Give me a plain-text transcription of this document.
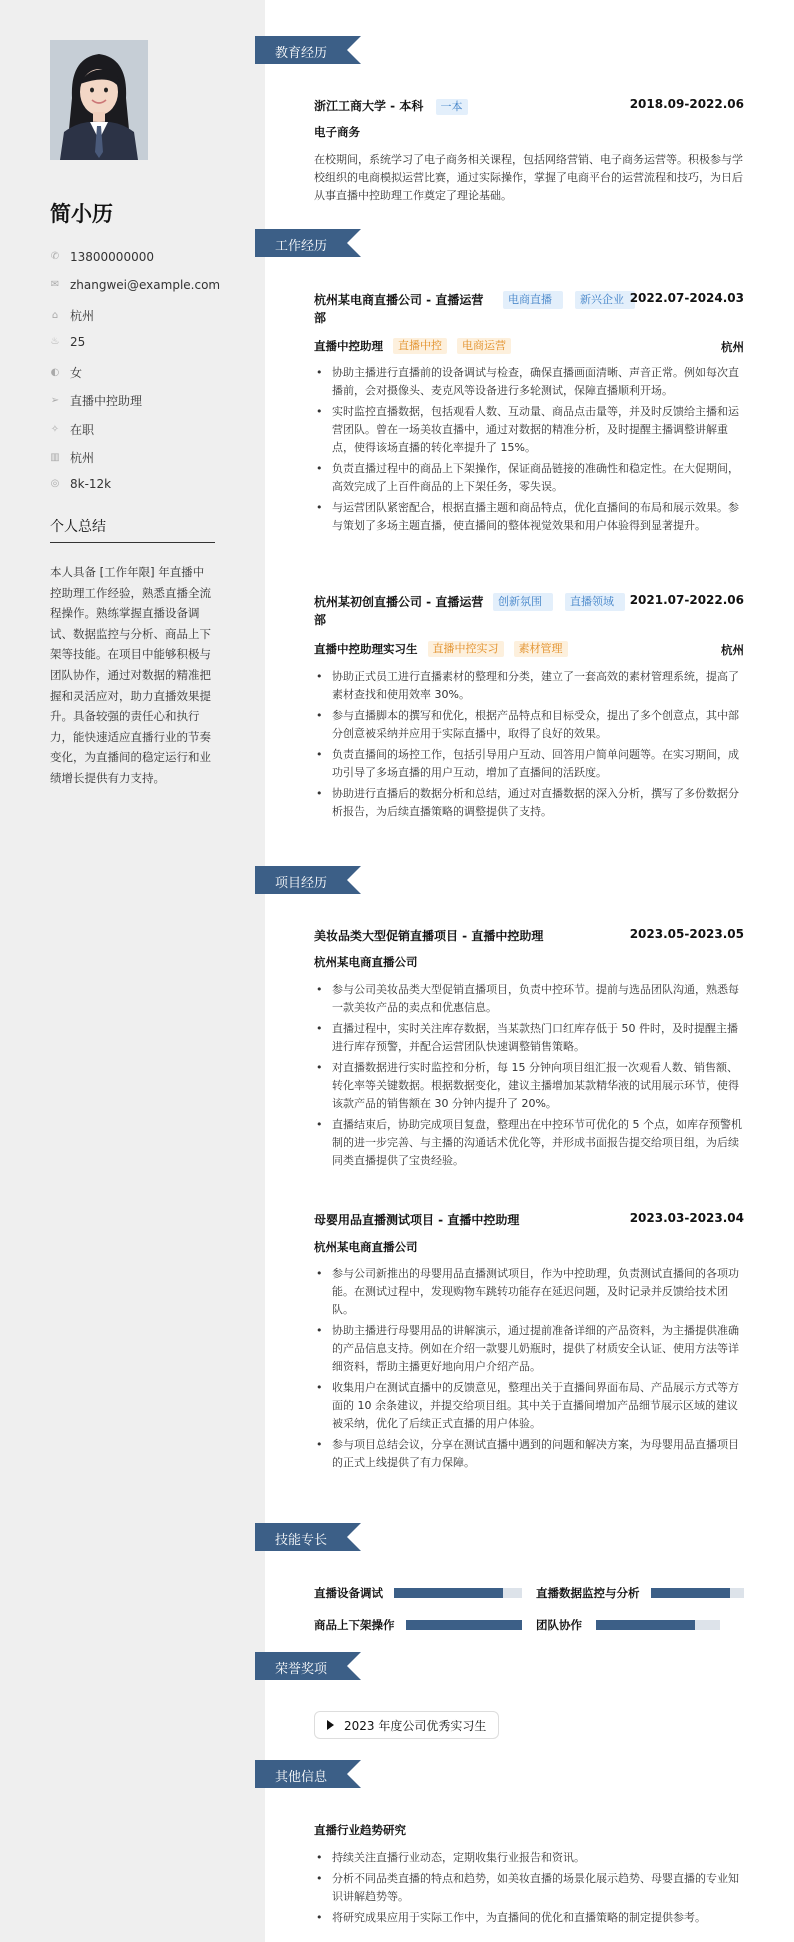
简小历
✆ 13800000000
✉ zhangwei@example.com
⌂ 杭州
♨ 25
◐ 女
➢ 直播中控助理
✧ 在职
▥ 杭州
◎ 8k-12k
个人总结
本人具备 [工作年限] 年直播中控助理工作经验，熟悉直播全流程操作。熟练掌握直播设备调试、数据监控与分析、商品上下架等技能。在项目中能够积极与团队协作，通过对数据的精准把握和灵活应对，助力直播效果提升。具备较强的责任心和执行力，能快速适应直播行业的节奏变化，为直播间的稳定运行和业绩增长提供有力支持。
教育经历
浙江工商大学 - 本科 一本	2018.09-2022.06
电子商务
在校期间，系统学习了电子商务相关课程，包括网络营销、电子商务运营等。积极参与学校组织的电商模拟运营比赛，通过实际操作，掌握了电商平台的运营流程和技巧，为日后从事直播中控助理工作奠定了理论基础。
工作经历
杭州某电商直播公司 - 直播运营部
电商直播	新兴企业 2022.07-2024.03
直播中控助理	直播中控	电商运营	杭州
• 协助主播进行直播前的设备调试与检查，确保直播画面清晰、声音正常。例如每次直播前，会对摄像头、麦克风等设备进行多轮测试，保障直播顺利开场。
• 实时监控直播数据，包括观看人数、互动量、商品点击量等，并及时反馈给主播和运营团队。曾在一场美妆直播中，通过对数据的精准分析，及时提醒主播调整讲解重点，使得该场直播的转化率提升了 15%。
• 负责直播过程中的商品上下架操作，保证商品链接的准确性和稳定性。在大促期间，高效完成了上百件商品的上下架任务，零失误。
• 与运营团队紧密配合，根据直播主题和商品特点，优化直播间的布局和展示效果。参与策划了多场主题直播，使直播间的整体视觉效果和用户体验得到显著提升。
杭州某初创直播公司 - 直播运营部
创新氛围	直播领域	2021.07-2022.06
直播中控助理实习生	直播中控实习	素材管理	杭州
• 协助正式员工进行直播素材的整理和分类，建立了一套高效的素材管理系统，提高了素材查找和使用效率 30%。
• 参与直播脚本的撰写和优化，根据产品特点和目标受众，提出了多个创意点，其中部分创意被采纳并应用于实际直播中，取得了良好的效果。
• 负责直播间的场控工作，包括引导用户互动、回答用户简单问题等。在实习期间，成功引导了多场直播的用户互动，增加了直播间的活跃度。
• 协助进行直播后的数据分析和总结，通过对直播数据的深入分析，撰写了多份数据分析报告，为后续直播策略的调整提供了支持。
项目经历
美妆品类大型促销直播项目 - 直播中控助理	2023.05-2023.05
杭州某电商直播公司
• 参与公司美妆品类大型促销直播项目，负责中控环节。提前与选品团队沟通，熟悉每一款美妆产品的卖点和优惠信息。
• 直播过程中，实时关注库存数据，当某款热门口红库存低于 50 件时，及时提醒主播进行库存预警，并配合运营团队快速调整销售策略。
• 对直播数据进行实时监控和分析，每 15 分钟向项目组汇报一次观看人数、销售额、转化率等关键数据。根据数据变化，建议主播增加某款精华液的试用展示环节，使得该款产品的销售额在 30 分钟内提升了 20%。
• 直播结束后，协助完成项目复盘，整理出在中控环节可优化的 5 个点，如库存预警机制的进一步完善、与主播的沟通话术优化等，并形成书面报告提交给项目组，为后续同类直播提供了宝贵经验。
母婴用品直播测试项目 - 直播中控助理	2023.03-2023.04
杭州某电商直播公司
• 参与公司新推出的母婴用品直播测试项目，作为中控助理，负责测试直播间的各项功能。在测试过程中，发现购物车跳转功能存在延迟问题，及时记录并反馈给技术团队。
• 协助主播进行母婴用品的讲解演示，通过提前准备详细的产品资料，为主播提供准确的产品信息支持。例如在介绍一款婴儿奶瓶时，提供了材质安全认证、使用方法等详细资料，帮助主播更好地向用户介绍产品。
• 收集用户在测试直播中的反馈意见，整理出关于直播间界面布局、产品展示方式等方面的 10 余条建议，并提交给项目组。其中关于直播间增加产品细节展示区域的建议被采纳，优化了后续正式直播的用户体验。
• 参与项目总结会议，分享在测试直播中遇到的问题和解决方案，为母婴用品直播项目的正式上线提供了有力保障。
技能专长
直播设备调试	直播数据监控与分析
商品上下架操作	团队协作
荣誉奖项
2023 年度公司优秀实习生
其他信息
直播行业趋势研究
• 持续关注直播行业动态，定期收集行业报告和资讯。
• 分析不同品类直播的特点和趋势，如美妆直播的场景化展示趋势、母婴直播的专业知识讲解趋势等。
• 将研究成果应用于实际工作中，为直播间的优化和直播策略的制定提供参考。
